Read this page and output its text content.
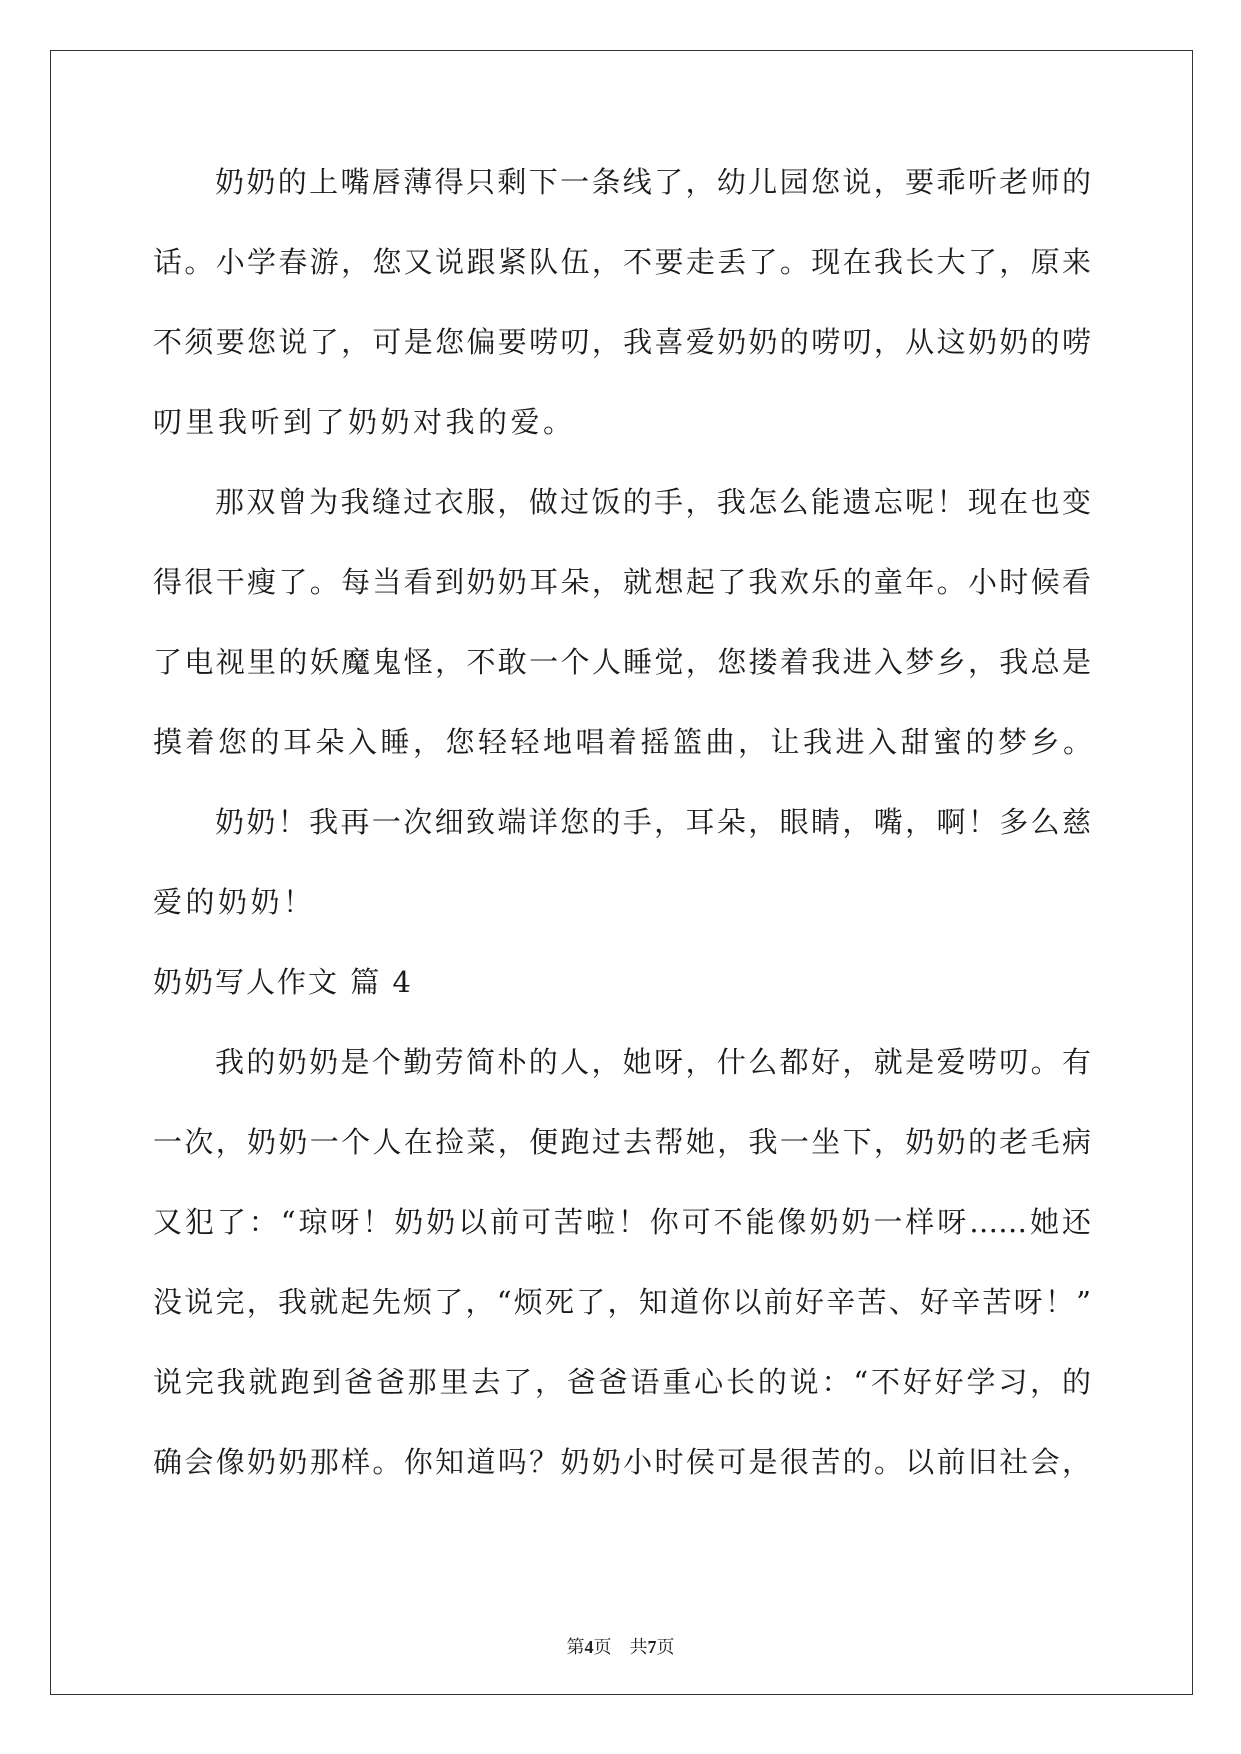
奶奶的上嘴唇薄得只剩下一条线了，幼儿园您说，要乖听老师的
话。小学春游，您又说跟紧队伍，不要走丢了。现在我长大了，原来
不须要您说了，可是您偏要唠叨，我喜爱奶奶的唠叨，从这奶奶的唠
叨里我听到了奶奶对我的爱。
那双曾为我缝过衣服，做过饭的手，我怎么能遗忘呢！现在也变
得很干瘦了。每当看到奶奶耳朵，就想起了我欢乐的童年。小时候看
了电视里的妖魔鬼怪，不敢一个人睡觉，您搂着我进入梦乡，我总是
摸着您的耳朵入睡，您轻轻地唱着摇篮曲，让我进入甜蜜的梦乡。
奶奶！我再一次细致端详您的手，耳朵，眼睛，嘴，啊！多么慈
爱的奶奶！
奶奶写人作文 篇 4
我的奶奶是个勤劳简朴的人，她呀，什么都好，就是爱唠叨。有
一次，奶奶一个人在捡菜，便跑过去帮她，我一坐下，奶奶的老毛病
又犯了：“琼呀！奶奶以前可苦啦！你可不能像奶奶一样呀……她还
没说完，我就起先烦了，“烦死了，知道你以前好辛苦、好辛苦呀！”
说完我就跑到爸爸那里去了，爸爸语重心长的说：“不好好学习，的
确会像奶奶那样。你知道吗？奶奶小时侯可是很苦的。以前旧社会，
第4页 共7页
